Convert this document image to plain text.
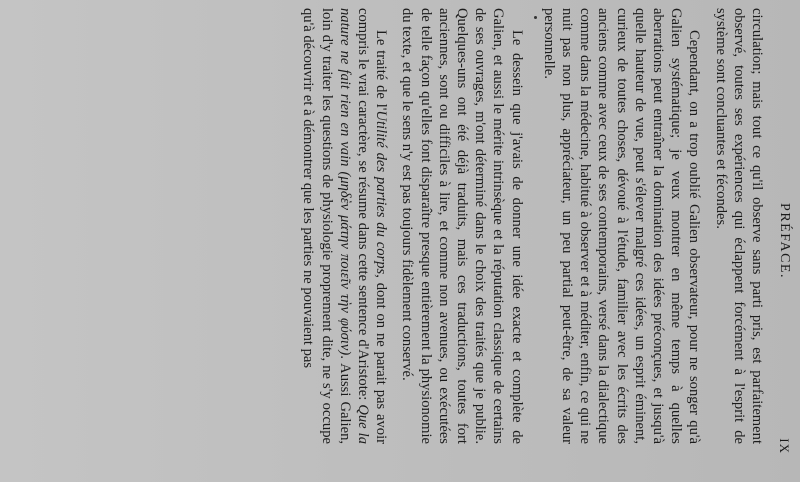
PRÉFACE.
IX

circulation; mais tout ce qu'il observe sans parti pris, est parfaitement observé, toutes ses expériences qui éclappent forcément à l'esprit de système sont concluantes et fécondes.

Cependant, on a trop oublié Galien observateur, pour ne songer qu'à Galien systématique; je veux montrer en même temps à quelles aberrations peut entraîner la domination des idées préconçues, et jusqu'à quelle hauteur de vue, peut s'élever malgré ces idées, un esprit éminent, curieux de toutes choses, dévoué à l'étude, familier avec les écrits des anciens comme avec ceux de ses contemporains, versé dans la dialectique comme dans la médecine, habitué à observer et à méditer, enfin, ce qui ne nuit pas non plus, appréciateur, un peu partial peut-être, de sa valeur personnelle.

Le dessein que j'avais de donner une idée exacte et complète de Galien, et aussi le mérite intrinsèque et la réputation classique de certains de ses ouvrages, m'ont déterminé dans le choix des traités que je publie. Quelques-uns ont été déjà traduits, mais ces traductions, toutes fort anciennes, sont ou difficiles à lire, et comme non avenues, ou exécutées de telle façon qu'elles font disparaître presque entièrement la physionomie du texte, et que le sens n'y est pas toujours fidèlement conservé.

Le traité de l'Utilité des parties du corps, dont on ne parait pas avoir compris le vrai caractère, se résume dans cette sentence d'Aristote: Que la nature ne fait rien en vain (μηδὲν μάτην ποιεῖν τὴν φύσιν). Aussi Galien, loin d'y traiter les questions de physiologie proprement dite, ne s'y occupe qu'à découvrir et à démontrer que les parties ne pouvaient pas
